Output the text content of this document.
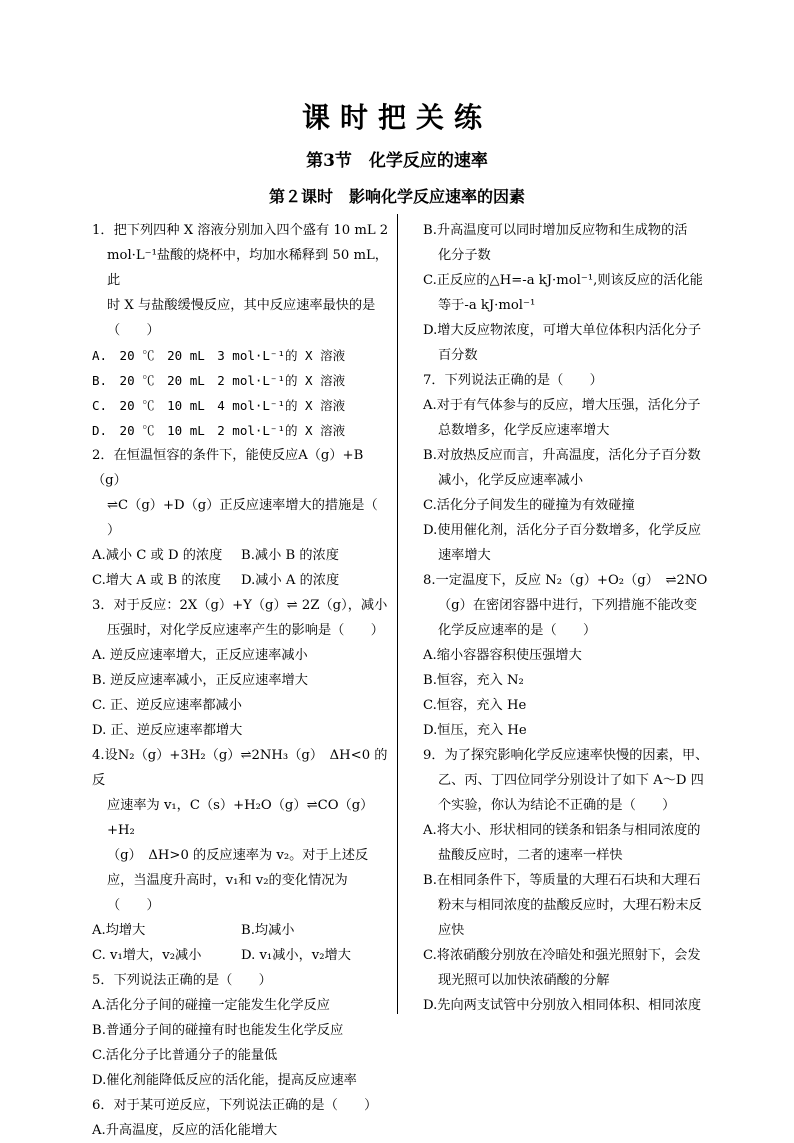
课时把关练
第3节　化学反应的速率
第２课时　影响化学反应速率的因素

1．把下列四种 X 溶液分别加入四个盛有 10 mL 2

mol·L⁻¹盐酸的烧杯中，均加水稀释到 50 mL，此

时 X 与盐酸缓慢反应，其中反应速率最快的是

（　　）

A.　20 ℃　20 mL　3 mol·L⁻¹的 X 溶液

B.　20 ℃　20 mL　2 mol·L⁻¹的 X 溶液

C.　20 ℃　10 mL　4 mol·L⁻¹的 X 溶液

D.　20 ℃　10 mL　2 mol·L⁻¹的 X 溶液

2．在恒温恒容的条件下，能使反应A（g）+B（g）

⇌C（g）+D（g）正反应速率增大的措施是（

）

A.减小 C 或 D 的浓度	B.减小 B 的浓度

C.增大 A 或 B 的浓度	D.减小 A 的浓度

3．对于反应：2X（g）+Y（g）⇌ 2Z（g），减小

压强时，对化学反应速率产生的影响是（　　）

A. 逆反应速率增大，正反应速率减小

B. 逆反应速率减小，正反应速率增大

C. 正、逆反应速率都减小

D. 正、逆反应速率都增大

4.设N₂（g）+3H₂（g）⇌2NH₃（g）　ΔH<0 的反

应速率为 v₁，C（s）+H₂O（g）⇌CO（g）+H₂

（g）　ΔH>0 的反应速率为 v₂。对于上述反

应，当温度升高时，v₁和 v₂的变化情况为（　　）

A.均增大	B.均减小

C. v₁增大，v₂减小	D. v₁减小，v₂增大

5．下列说法正确的是（　　）

A.活化分子间的碰撞一定能发生化学反应

B.普通分子间的碰撞有时也能发生化学反应

C.活化分子比普通分子的能量低

D.催化剂能降低反应的活化能，提高反应速率

6．对于某可逆反应，下列说法正确的是（　　）

A.升高温度，反应的活化能增大

B.升高温度可以同时增加反应物和生成物的活

化分子数

C.正反应的△H=-a kJ·mol⁻¹,则该反应的活化能

等于-a kJ·mol⁻¹

D.增大反应物浓度，可增大单位体积内活化分子

百分数

7．下列说法正确的是（　　）

A.对于有气体参与的反应，增大压强，活化分子

总数增多，化学反应速率增大

B.对放热反应而言，升高温度，活化分子百分数

减小，化学反应速率减小

C.活化分子间发生的碰撞为有效碰撞

D.使用催化剂，活化分子百分数增多，化学反应

速率增大

8.一定温度下，反应 N₂（g）+O₂（g）　⇌2NO

（g）在密闭容器中进行，下列措施不能改变

化学反应速率的是（　　）

A.缩小容器容积使压强增大

B.恒容，充入 N₂

C.恒容，充入 He

D.恒压，充入 He

9．为了探究影响化学反应速率快慢的因素，甲、

乙、丙、丁四位同学分别设计了如下 A～D 四

个实验，你认为结论不正确的是（　　）

A.将大小、形状相同的镁条和铝条与相同浓度的

盐酸反应时，二者的速率一样快

B.在相同条件下，等质量的大理石石块和大理石

粉末与相同浓度的盐酸反应时，大理石粉末反

应快

C.将浓硝酸分别放在冷暗处和强光照射下，会发

现光照可以加快浓硝酸的分解

D.先向两支试管中分别放入相同体积、相同浓度
